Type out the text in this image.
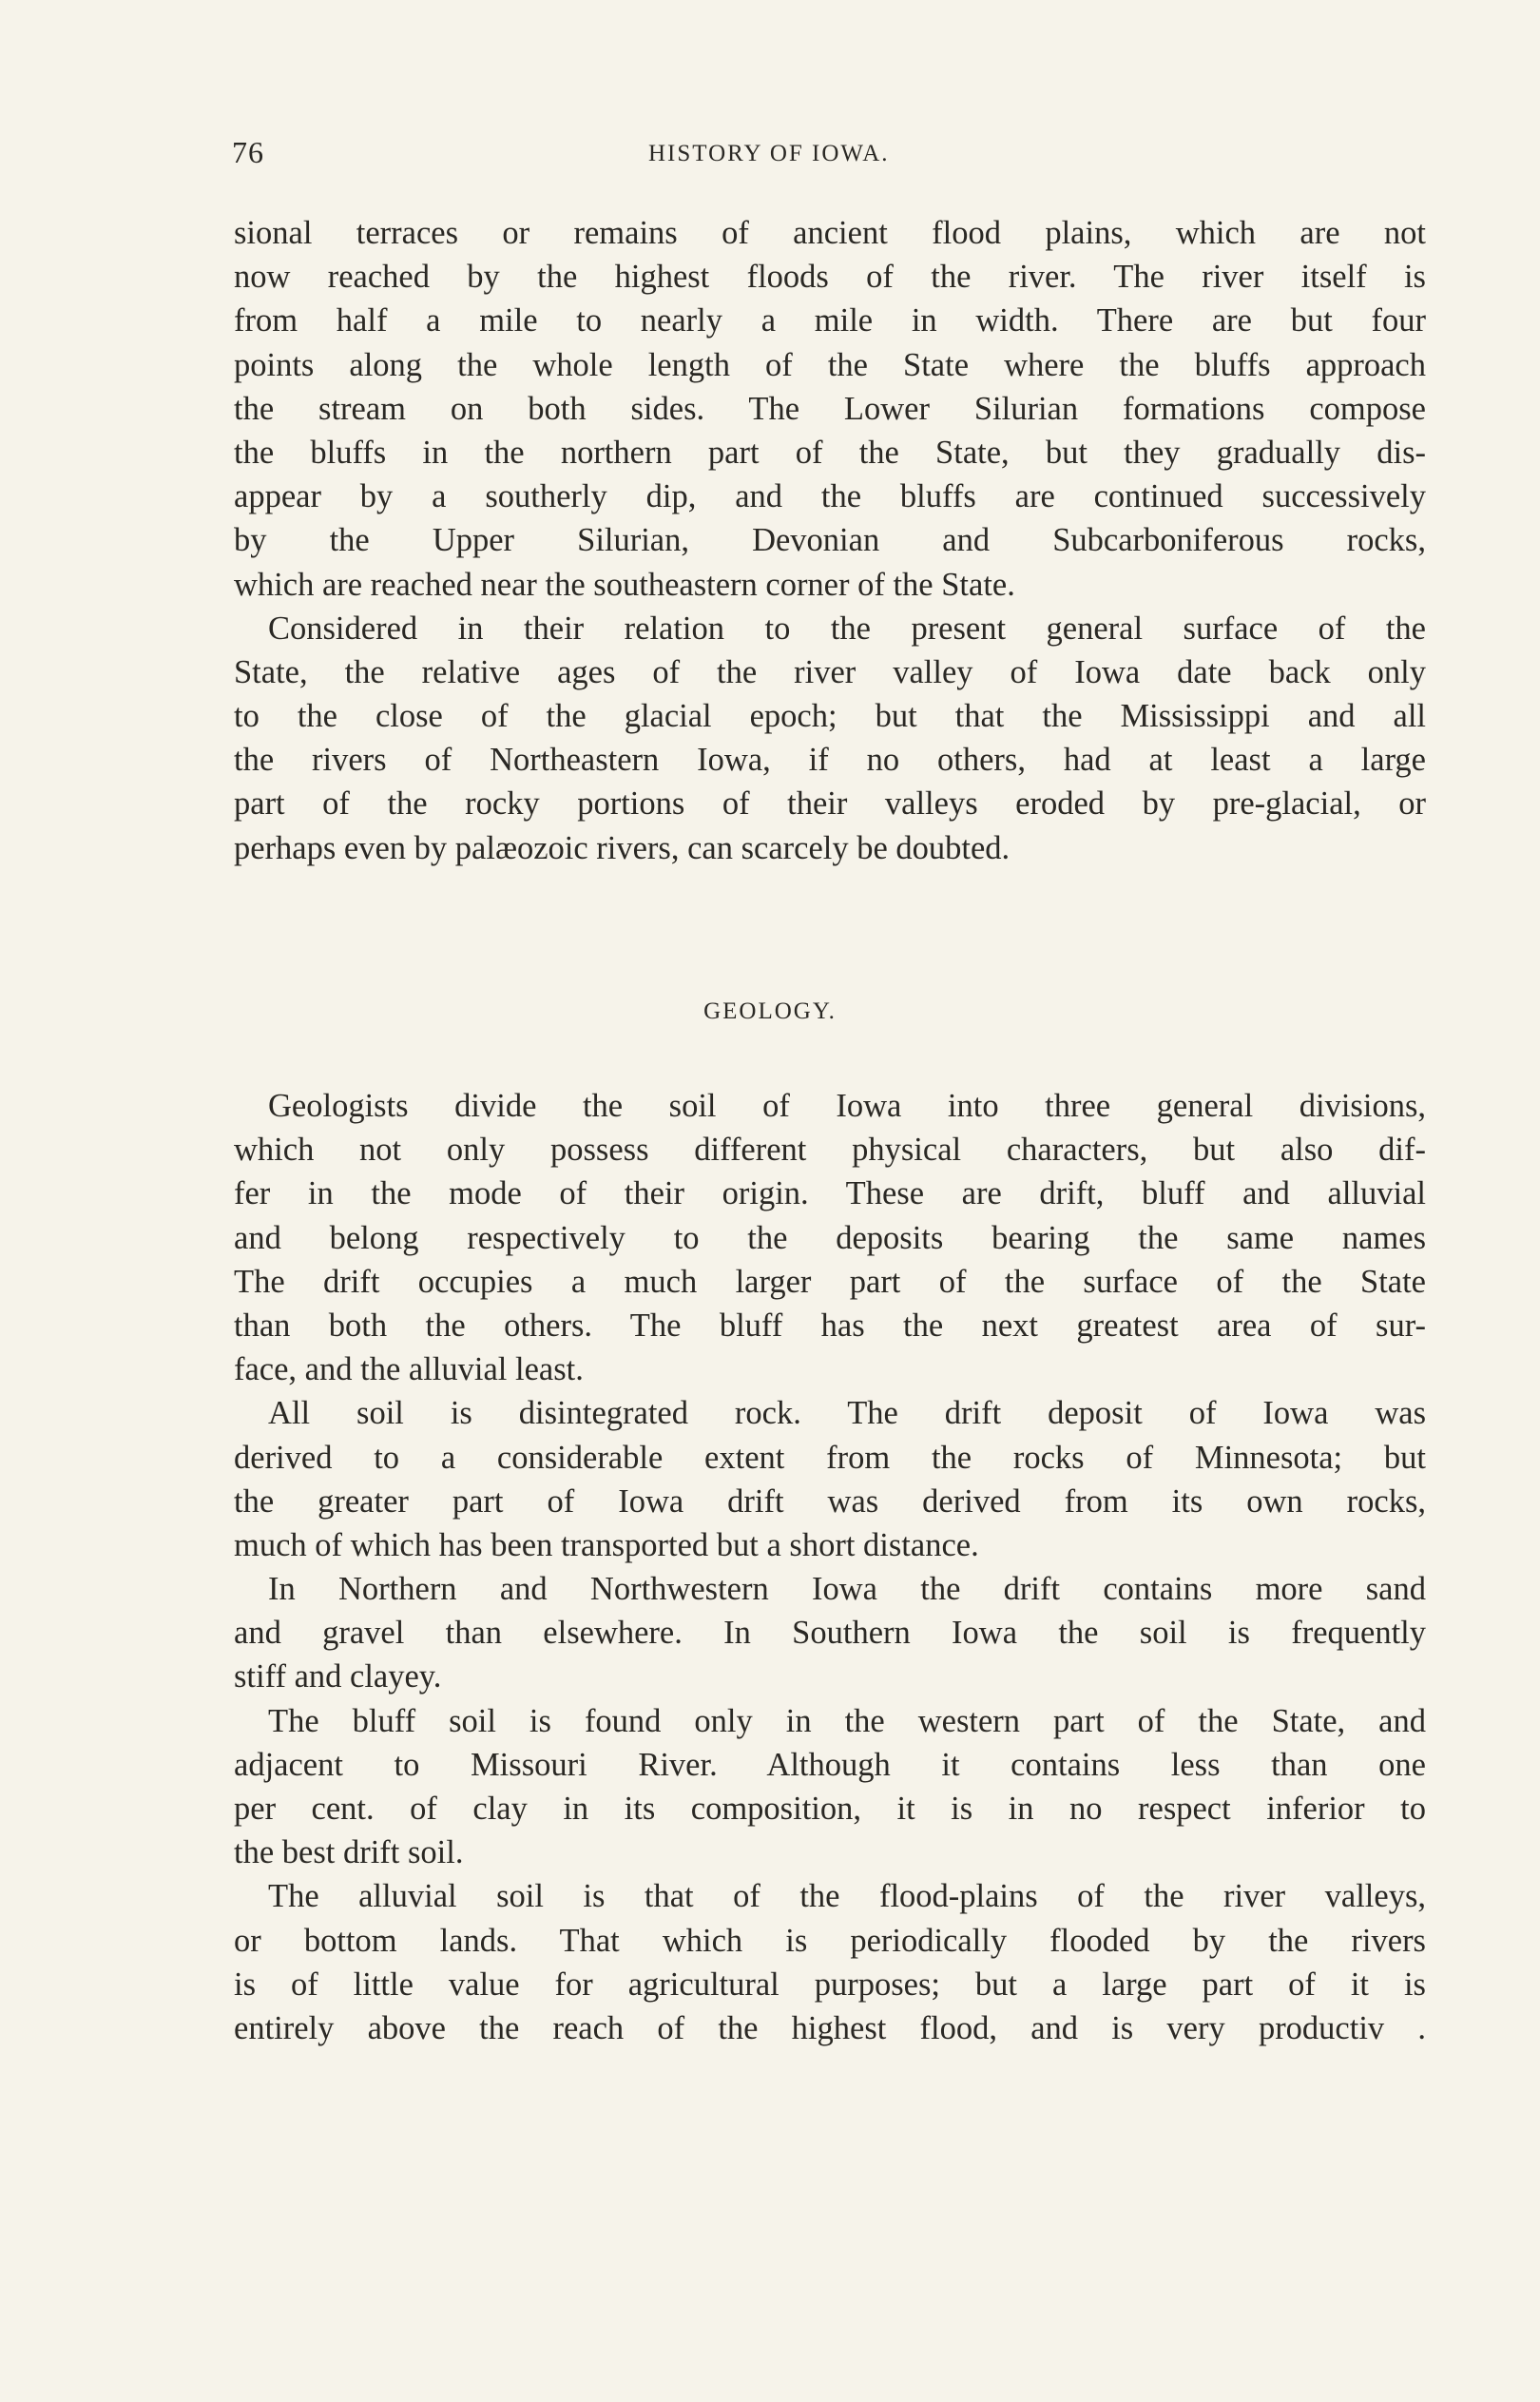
76	HISTORY OF IOWA.
sional terraces or remains of ancient flood plains, which are not
now reached by the highest floods of the river. The river itself is
from half a mile to nearly a mile in width. There are but four
points along the whole length of the State where the bluffs approach
the stream on both sides. The Lower Silurian formations compose
the bluffs in the northern part of the State, but they gradually dis-
appear by a southerly dip, and the bluffs are continued successively
by the Upper Silurian, Devonian and Subcarboniferous rocks,
which are reached near the southeastern corner of the State.
Considered in their relation to the present general surface of the
State, the relative ages of the river valley of Iowa date back only
to the close of the glacial epoch; but that the Mississippi and all
the rivers of Northeastern Iowa, if no others, had at least a large
part of the rocky portions of their valleys eroded by pre-glacial, or
perhaps even by palæozoic rivers, can scarcely be doubted.
GEOLOGY.
Geologists divide the soil of Iowa into three general divisions,
which not only possess different physical characters, but also dif-
fer in the mode of their origin. These are drift, bluff and alluvial
and belong respectively to the deposits bearing the same names
The drift occupies a much larger part of the surface of the State
than both the others. The bluff has the next greatest area of sur-
face, and the alluvial least.
All soil is disintegrated rock. The drift deposit of Iowa was
derived to a considerable extent from the rocks of Minnesota; but
the greater part of Iowa drift was derived from its own rocks,
much of which has been transported but a short distance.
In Northern and Northwestern Iowa the drift contains more sand
and gravel than elsewhere. In Southern Iowa the soil is frequently
stiff and clayey.
The bluff soil is found only in the western part of the State, and
adjacent to Missouri River. Although it contains less than one
per cent. of clay in its composition, it is in no respect inferior to
the best drift soil.
The alluvial soil is that of the flood-plains of the river valleys,
or bottom lands. That which is periodically flooded by the rivers
is of little value for agricultural purposes; but a large part of it is
entirely above the reach of the highest flood, and is very productiv .
